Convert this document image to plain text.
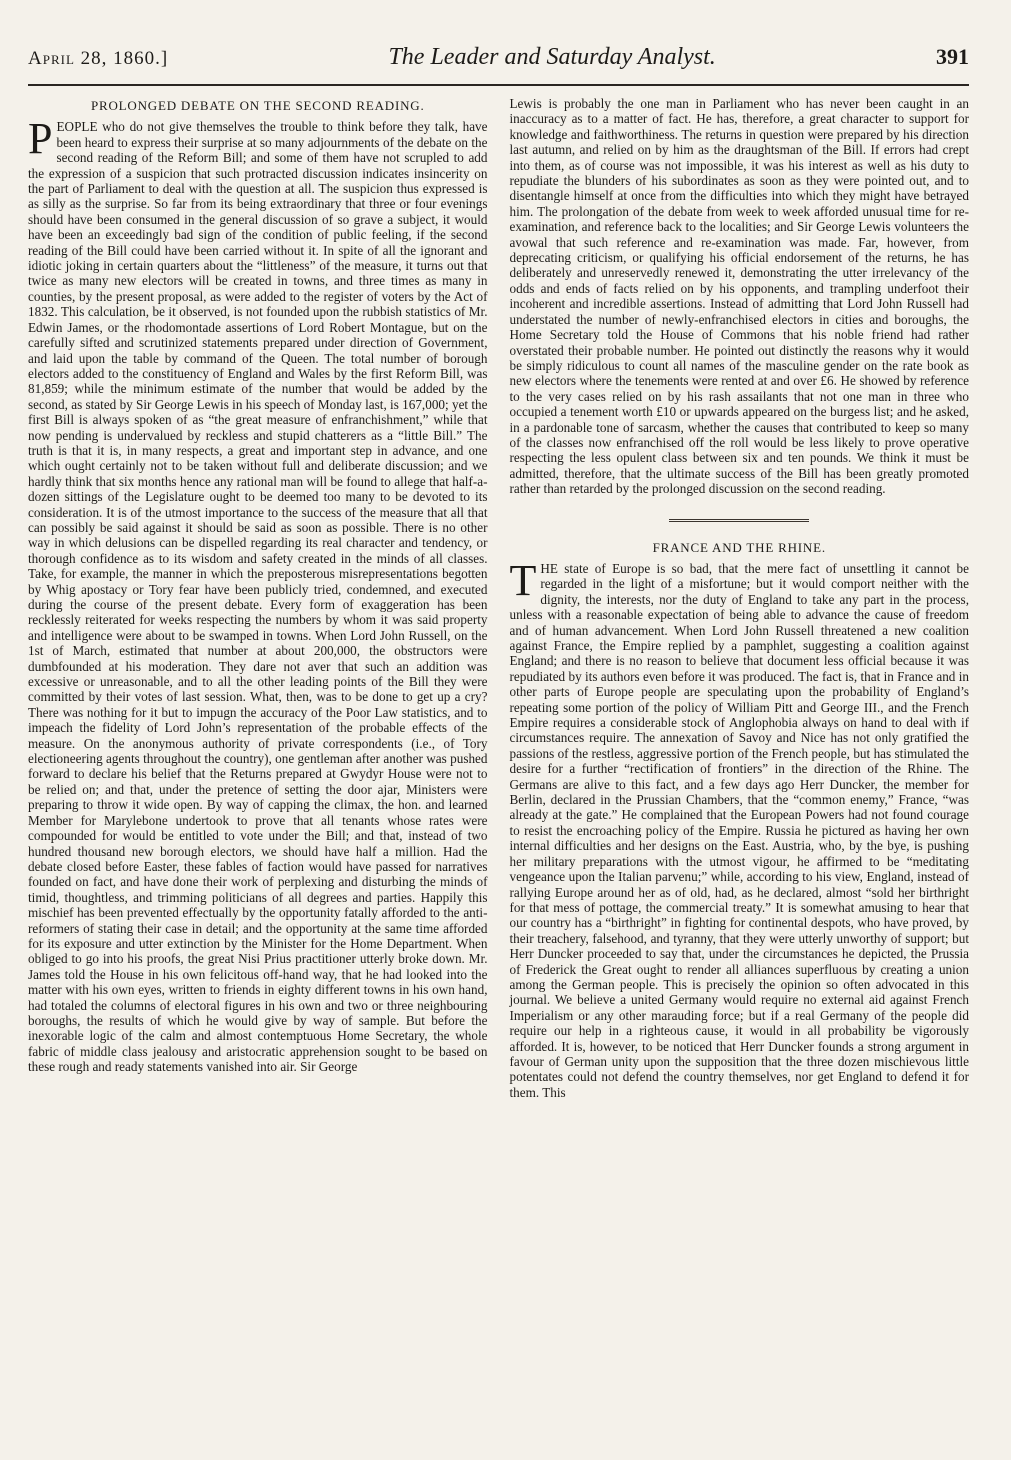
April 28, 1860.]	The Leader and Saturday Analyst.	391
PROLONGED DEBATE ON THE SECOND READING.

PEOPLE who do not give themselves the trouble to think before they talk, have been heard to express their surprise at so many adjournments of the debate on the second reading of the Reform Bill; and some of them have not scrupled to add the expression of a suspicion that such protracted discussion indicates insincerity on the part of Parliament to deal with the question at all. The suspicion thus expressed is as silly as the surprise. So far from its being extraordinary that three or four evenings should have been consumed in the general discussion of so grave a subject, it would have been an exceedingly bad sign of the condition of public feeling, if the second reading of the Bill could have been carried without it. In spite of all the ignorant and idiotic joking in certain quarters about the “littleness” of the measure, it turns out that twice as many new electors will be created in towns, and three times as many in counties, by the present proposal, as were added to the register of voters by the Act of 1832. This calculation, be it observed, is not founded upon the rubbish statistics of Mr. Edwin James, or the rhodomontade assertions of Lord Robert Montague, but on the carefully sifted and scrutinized statements prepared under direction of Government, and laid upon the table by command of the Queen. The total number of borough electors added to the constituency of England and Wales by the first Reform Bill, was 81,859; while the minimum estimate of the number that would be added by the second, as stated by Sir George Lewis in his speech of Monday last, is 167,000; yet the first Bill is always spoken of as “the great measure of enfranchishment,” while that now pending is undervalued by reckless and stupid chatterers as a “little Bill.” The truth is that it is, in many respects, a great and important step in advance, and one which ought certainly not to be taken without full and deliberate discussion; and we hardly think that six months hence any rational man will be found to allege that half-a-dozen sittings of the Legislature ought to be deemed too many to be devoted to its consideration. It is of the utmost importance to the success of the measure that all that can possibly be said against it should be said as soon as possible. There is no other way in which delusions can be dispelled regarding its real character and tendency, or thorough confidence as to its wisdom and safety created in the minds of all classes. Take, for example, the manner in which the preposterous misrepresentations begotten by Whig apostacy or Tory fear have been publicly tried, condemned, and executed during the course of the present debate. Every form of exaggeration has been recklessly reiterated for weeks respecting the numbers by whom it was said property and intelligence were about to be swamped in towns. When Lord John Russell, on the 1st of March, estimated that number at about 200,000, the obstructors were dumbfounded at his moderation. They dare not aver that such an addition was excessive or unreasonable, and to all the other leading points of the Bill they were committed by their votes of last session. What, then, was to be done to get up a cry? There was nothing for it but to impugn the accuracy of the Poor Law statistics, and to impeach the fidelity of Lord John’s representation of the probable effects of the measure. On the anonymous authority of private correspondents (i.e., of Tory electioneering agents throughout the country), one gentleman after another was pushed forward to declare his belief that the Returns prepared at Gwydyr House were not to be relied on; and that, under the pretence of setting the door ajar, Ministers were preparing to throw it wide open. By way of capping the climax, the hon. and learned Member for Marylebone undertook to prove that all tenants whose rates were compounded for would be entitled to vote under the Bill; and that, instead of two hundred thousand new borough electors, we should have half a million. Had the debate closed before Easter, these fables of faction would have passed for narratives founded on fact, and have done their work of perplexing and disturbing the minds of timid, thoughtless, and trimming politicians of all degrees and parties. Happily this mischief has been prevented effectually by the opportunity fatally afforded to the anti-reformers of stating their case in detail; and the opportunity at the same time afforded for its exposure and utter extinction by the Minister for the Home Department. When obliged to go into his proofs, the great Nisi Prius practitioner utterly broke down. Mr. James told the House in his own felicitous off-hand way, that he had looked into the matter with his own eyes, written to friends in eighty different towns in his own hand, had totaled the columns of electoral figures in his own and two or three neighbouring boroughs, the results of which he would give by way of sample. But before the inexorable logic of the calm and almost contemptuous Home Secretary, the whole fabric of middle class jealousy and aristocratic apprehension sought to be based on these rough and ready statements vanished into air. Sir George

Lewis is probably the one man in Parliament who has never been caught in an inaccuracy as to a matter of fact. He has, therefore, a great character to support for knowledge and faithworthiness. The returns in question were prepared by his direction last autumn, and relied on by him as the draughtsman of the Bill. If errors had crept into them, as of course was not impossible, it was his interest as well as his duty to repudiate the blunders of his subordinates as soon as they were pointed out, and to disentangle himself at once from the difficulties into which they might have betrayed him. The prolongation of the debate from week to week afforded unusual time for re-examination, and reference back to the localities; and Sir George Lewis volunteers the avowal that such reference and re-examination was made. Far, however, from deprecating criticism, or qualifying his official endorsement of the returns, he has deliberately and unreservedly renewed it, demonstrating the utter irrelevancy of the odds and ends of facts relied on by his opponents, and trampling underfoot their incoherent and incredible assertions. Instead of admitting that Lord John Russell had understated the number of newly-enfranchised electors in cities and boroughs, the Home Secretary told the House of Commons that his noble friend had rather overstated their probable number. He pointed out distinctly the reasons why it would be simply ridiculous to count all names of the masculine gender on the rate book as new electors where the tenements were rented at and over £6. He showed by reference to the very cases relied on by his rash assailants that not one man in three who occupied a tenement worth £10 or upwards appeared on the burgess list; and he asked, in a pardonable tone of sarcasm, whether the causes that contributed to keep so many of the classes now enfranchised off the roll would be less likely to prove operative respecting the less opulent class between six and ten pounds. We think it must be admitted, therefore, that the ultimate success of the Bill has been greatly promoted rather than retarded by the prolonged discussion on the second reading.

FRANCE AND THE RHINE.

THE state of Europe is so bad, that the mere fact of unsettling it cannot be regarded in the light of a misfortune; but it would comport neither with the dignity, the interests, nor the duty of England to take any part in the process, unless with a reasonable expectation of being able to advance the cause of freedom and of human advancement. When Lord John Russell threatened a new coalition against France, the Empire replied by a pamphlet, suggesting a coalition against England; and there is no reason to believe that document less official because it was repudiated by its authors even before it was produced. The fact is, that in France and in other parts of Europe people are speculating upon the probability of England’s repeating some portion of the policy of William Pitt and George III., and the French Empire requires a considerable stock of Anglophobia always on hand to deal with if circumstances require. The annexation of Savoy and Nice has not only gratified the passions of the restless, aggressive portion of the French people, but has stimulated the desire for a further “rectification of frontiers” in the direction of the Rhine. The Germans are alive to this fact, and a few days ago Herr Duncker, the member for Berlin, declared in the Prussian Chambers, that the “common enemy,” France, “was already at the gate.” He complained that the European Powers had not found courage to resist the encroaching policy of the Empire. Russia he pictured as having her own internal difficulties and her designs on the East. Austria, who, by the bye, is pushing her military preparations with the utmost vigour, he affirmed to be “meditating vengeance upon the Italian parvenu;” while, according to his view, England, instead of rallying Europe around her as of old, had, as he declared, almost “sold her birthright for that mess of pottage, the commercial treaty.” It is somewhat amusing to hear that our country has a “birthright” in fighting for continental despots, who have proved, by their treachery, falsehood, and tyranny, that they were utterly unworthy of support; but Herr Duncker proceeded to say that, under the circumstances he depicted, the Prussia of Frederick the Great ought to render all alliances superfluous by creating a union among the German people. This is precisely the opinion so often advocated in this journal. We believe a united Germany would require no external aid against French Imperialism or any other marauding force; but if a real Germany of the people did require our help in a righteous cause, it would in all probability be vigorously afforded. It is, however, to be noticed that Herr Duncker founds a strong argument in favour of German unity upon the supposition that the three dozen mischievous little potentates could not defend the country themselves, nor get England to defend it for them. This
